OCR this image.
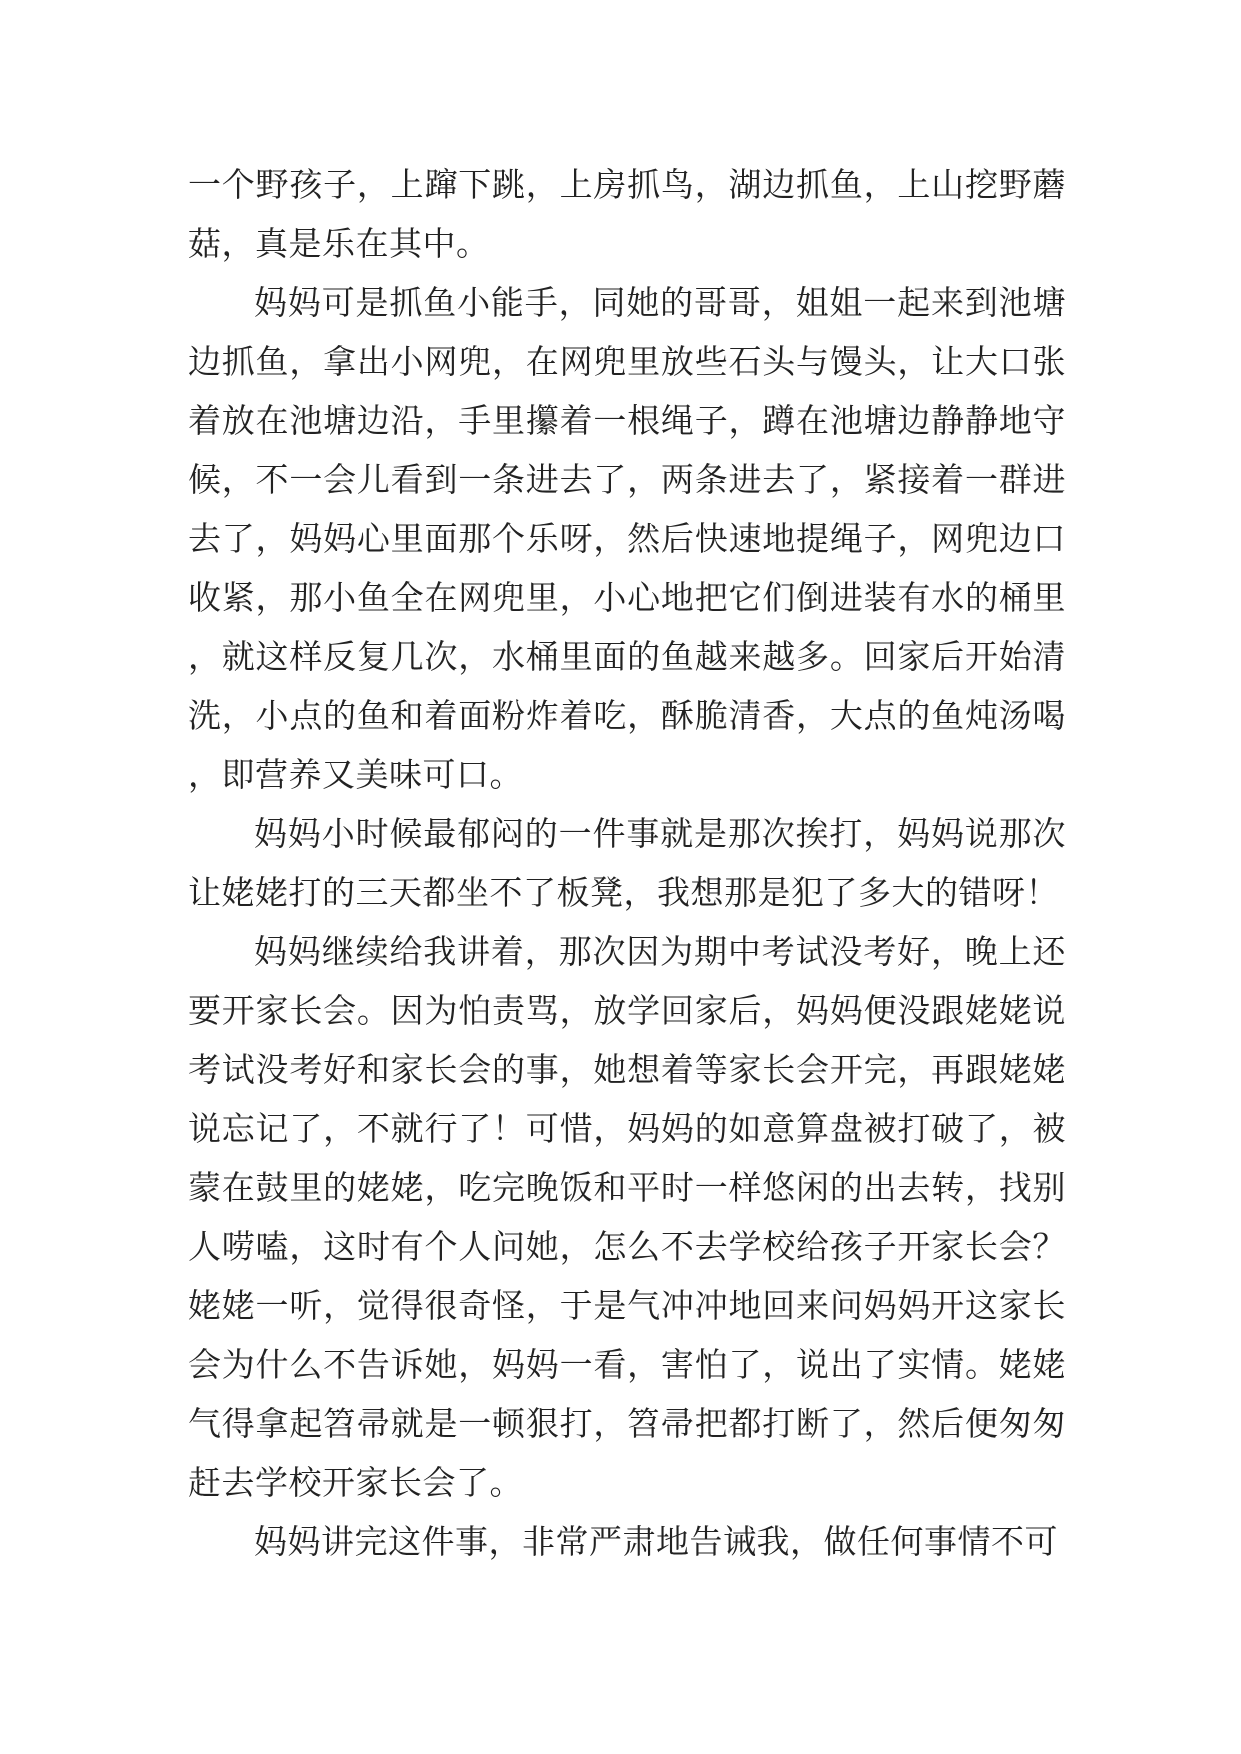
一个野孩子，上蹿下跳，上房抓鸟，湖边抓鱼，上山挖野蘑菇，真是乐在其中。

妈妈可是抓鱼小能手，同她的哥哥，姐姐一起来到池塘边抓鱼，拿出小网兜，在网兜里放些石头与馒头，让大口张着放在池塘边沿，手里攥着一根绳子，蹲在池塘边静静地守候，不一会儿看到一条进去了，两条进去了，紧接着一群进去了，妈妈心里面那个乐呀，然后快速地提绳子，网兜边口收紧，那小鱼全在网兜里，小心地把它们倒进装有水的桶里，就这样反复几次，水桶里面的鱼越来越多。回家后开始清洗，小点的鱼和着面粉炸着吃，酥脆清香，大点的鱼炖汤喝，即营养又美味可口。

妈妈小时候最郁闷的一件事就是那次挨打，妈妈说那次让姥姥打的三天都坐不了板凳，我想那是犯了多大的错呀！

妈妈继续给我讲着，那次因为期中考试没考好，晚上还要开家长会。因为怕责骂，放学回家后，妈妈便没跟姥姥说考试没考好和家长会的事，她想着等家长会开完，再跟姥姥说忘记了，不就行了！可惜，妈妈的如意算盘被打破了，被蒙在鼓里的姥姥，吃完晚饭和平时一样悠闲的出去转，找别人唠嗑，这时有个人问她，怎么不去学校给孩子开家长会？姥姥一听，觉得很奇怪，于是气冲冲地回来问妈妈开这家长会为什么不告诉她，妈妈一看，害怕了，说出了实情。姥姥气得拿起笤帚就是一顿狠打，笤帚把都打断了，然后便匆匆赶去学校开家长会了。

妈妈讲完这件事，非常严肃地告诫我，做任何事情不可
